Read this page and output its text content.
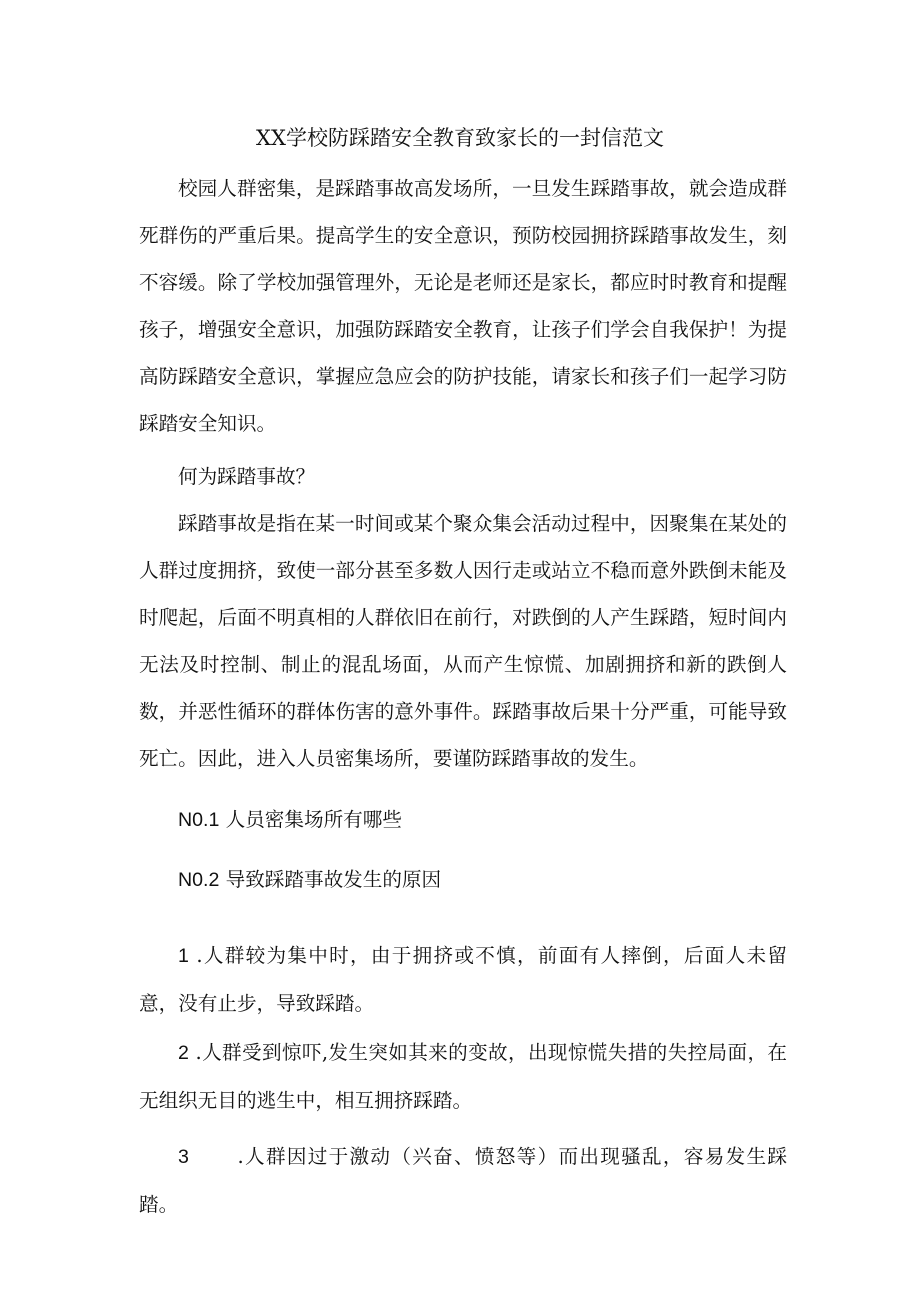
XX学校防踩踏安全教育致家长的一封信范文

校园人群密集，是踩踏事故高发场所，一旦发生踩踏事故，就会造成群死群伤的严重后果。提高学生的安全意识，预防校园拥挤踩踏事故发生，刻不容缓。除了学校加强管理外，无论是老师还是家长，都应时时教育和提醒孩子，增强安全意识，加强防踩踏安全教育，让孩子们学会自我保护！为提高防踩踏安全意识，掌握应急应会的防护技能，请家长和孩子们一起学习防踩踏安全知识。

何为踩踏事故？

踩踏事故是指在某一时间或某个聚众集会活动过程中，因聚集在某处的人群过度拥挤，致使一部分甚至多数人因行走或站立不稳而意外跌倒未能及时爬起，后面不明真相的人群依旧在前行，对跌倒的人产生踩踏，短时间内无法及时控制、制止的混乱场面，从而产生惊慌、加剧拥挤和新的跌倒人数，并恶性循环的群体伤害的意外事件。踩踏事故后果十分严重，可能导致死亡。因此，进入人员密集场所，要谨防踩踏事故的发生。

N0.1 人员密集场所有哪些

N0.2 导致踩踏事故发生的原因

1 .人群较为集中时，由于拥挤或不慎，前面有人摔倒，后面人未留意，没有止步，导致踩踏。

2 .人群受到惊吓,发生突如其来的变故，出现惊慌失措的失控局面，在无组织无目的逃生中，相互拥挤踩踏。

3 .人群因过于激动（兴奋、愤怒等）而出现骚乱，容易发生踩踏。
